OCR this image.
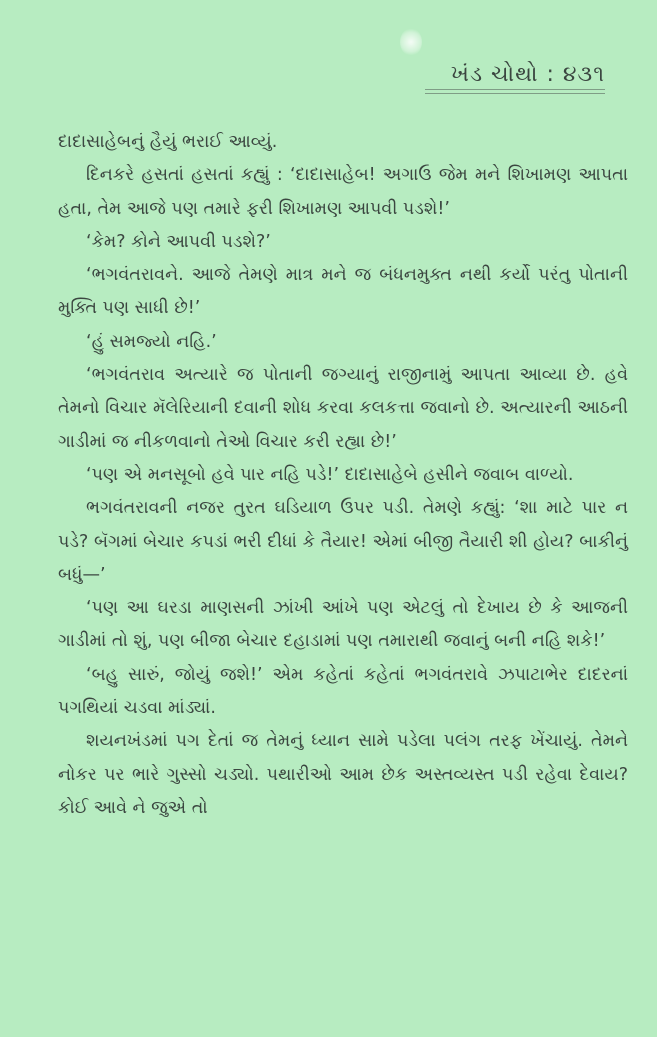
ખંડ ચોથો : ૪૩૧

દાદાસાહેબનું હૈયું ભરાઈ આવ્યું.

દિનકરે હસતાં હસતાં કહ્યું : ‘દાદાસાહેબ! અગાઉ જેમ મને શિખામણ આપતા હતા, તેમ આજે પણ તમારે ફરી શિખામણ આપવી પડશે!’

‘કેમ? કોને આપવી પડશે?’

‘ભગવંતરાવને. આજે તેમણે માત્ર મને જ બંધનમુક્ત નથી કર્યો પરંતુ પોતાની મુક્તિ પણ સાધી છે!’

‘હું સમજ્યો નહિ.’

‘ભગવંતરાવ અત્યારે જ પોતાની જગ્યાનું રાજીનામું આપતા આવ્યા છે. હવે તેમનો વિચાર મૅલેરિયાની દવાની શોધ કરવા કલકત્તા જવાનો છે. અત્યારની આઠની ગાડીમાં જ નીકળવાનો તેઓ વિચાર કરી રહ્યા છે!’

‘પણ એ મનસૂબો હવે પાર નહિ પડે!’ દાદાસાહેબે હસીને જવાબ વાળ્યો.

ભગવંતરાવની નજર તુરત ઘડિયાળ ઉપર પડી. તેમણે કહ્યું: ‘શા માટે પાર ન પડે? બૅગમાં બેચાર કપડાં ભરી દીધાં કે તૈયાર! એમાં બીજી તૈયારી શી હોય? બાકીનું બધું—’

‘પણ આ ઘરડા માણસની ઝાંખી આંખે પણ એટલું તો દેખાય છે કે આજની ગાડીમાં તો શું, પણ બીજા બેચાર દહાડામાં પણ તમારાથી જવાનું બની નહિ શકે!’

‘બહુ સારું, જોયું જશે!’ એમ કહેતાં કહેતાં ભગવંતરાવે ઝપાટાભેર દાદરનાં પગથિયાં ચડવા માંડ્યાં.

શયનખંડમાં પગ દેતાં જ તેમનું ધ્યાન સામે પડેલા પલંગ તરફ ખેંચાયું. તેમને નોકર પર ભારે ગુસ્સો ચડ્યો. પથારીઓ આમ છેક અસ્તવ્યસ્ત પડી રહેવા દેવાય? કોઈ આવે ને જુએ તો
